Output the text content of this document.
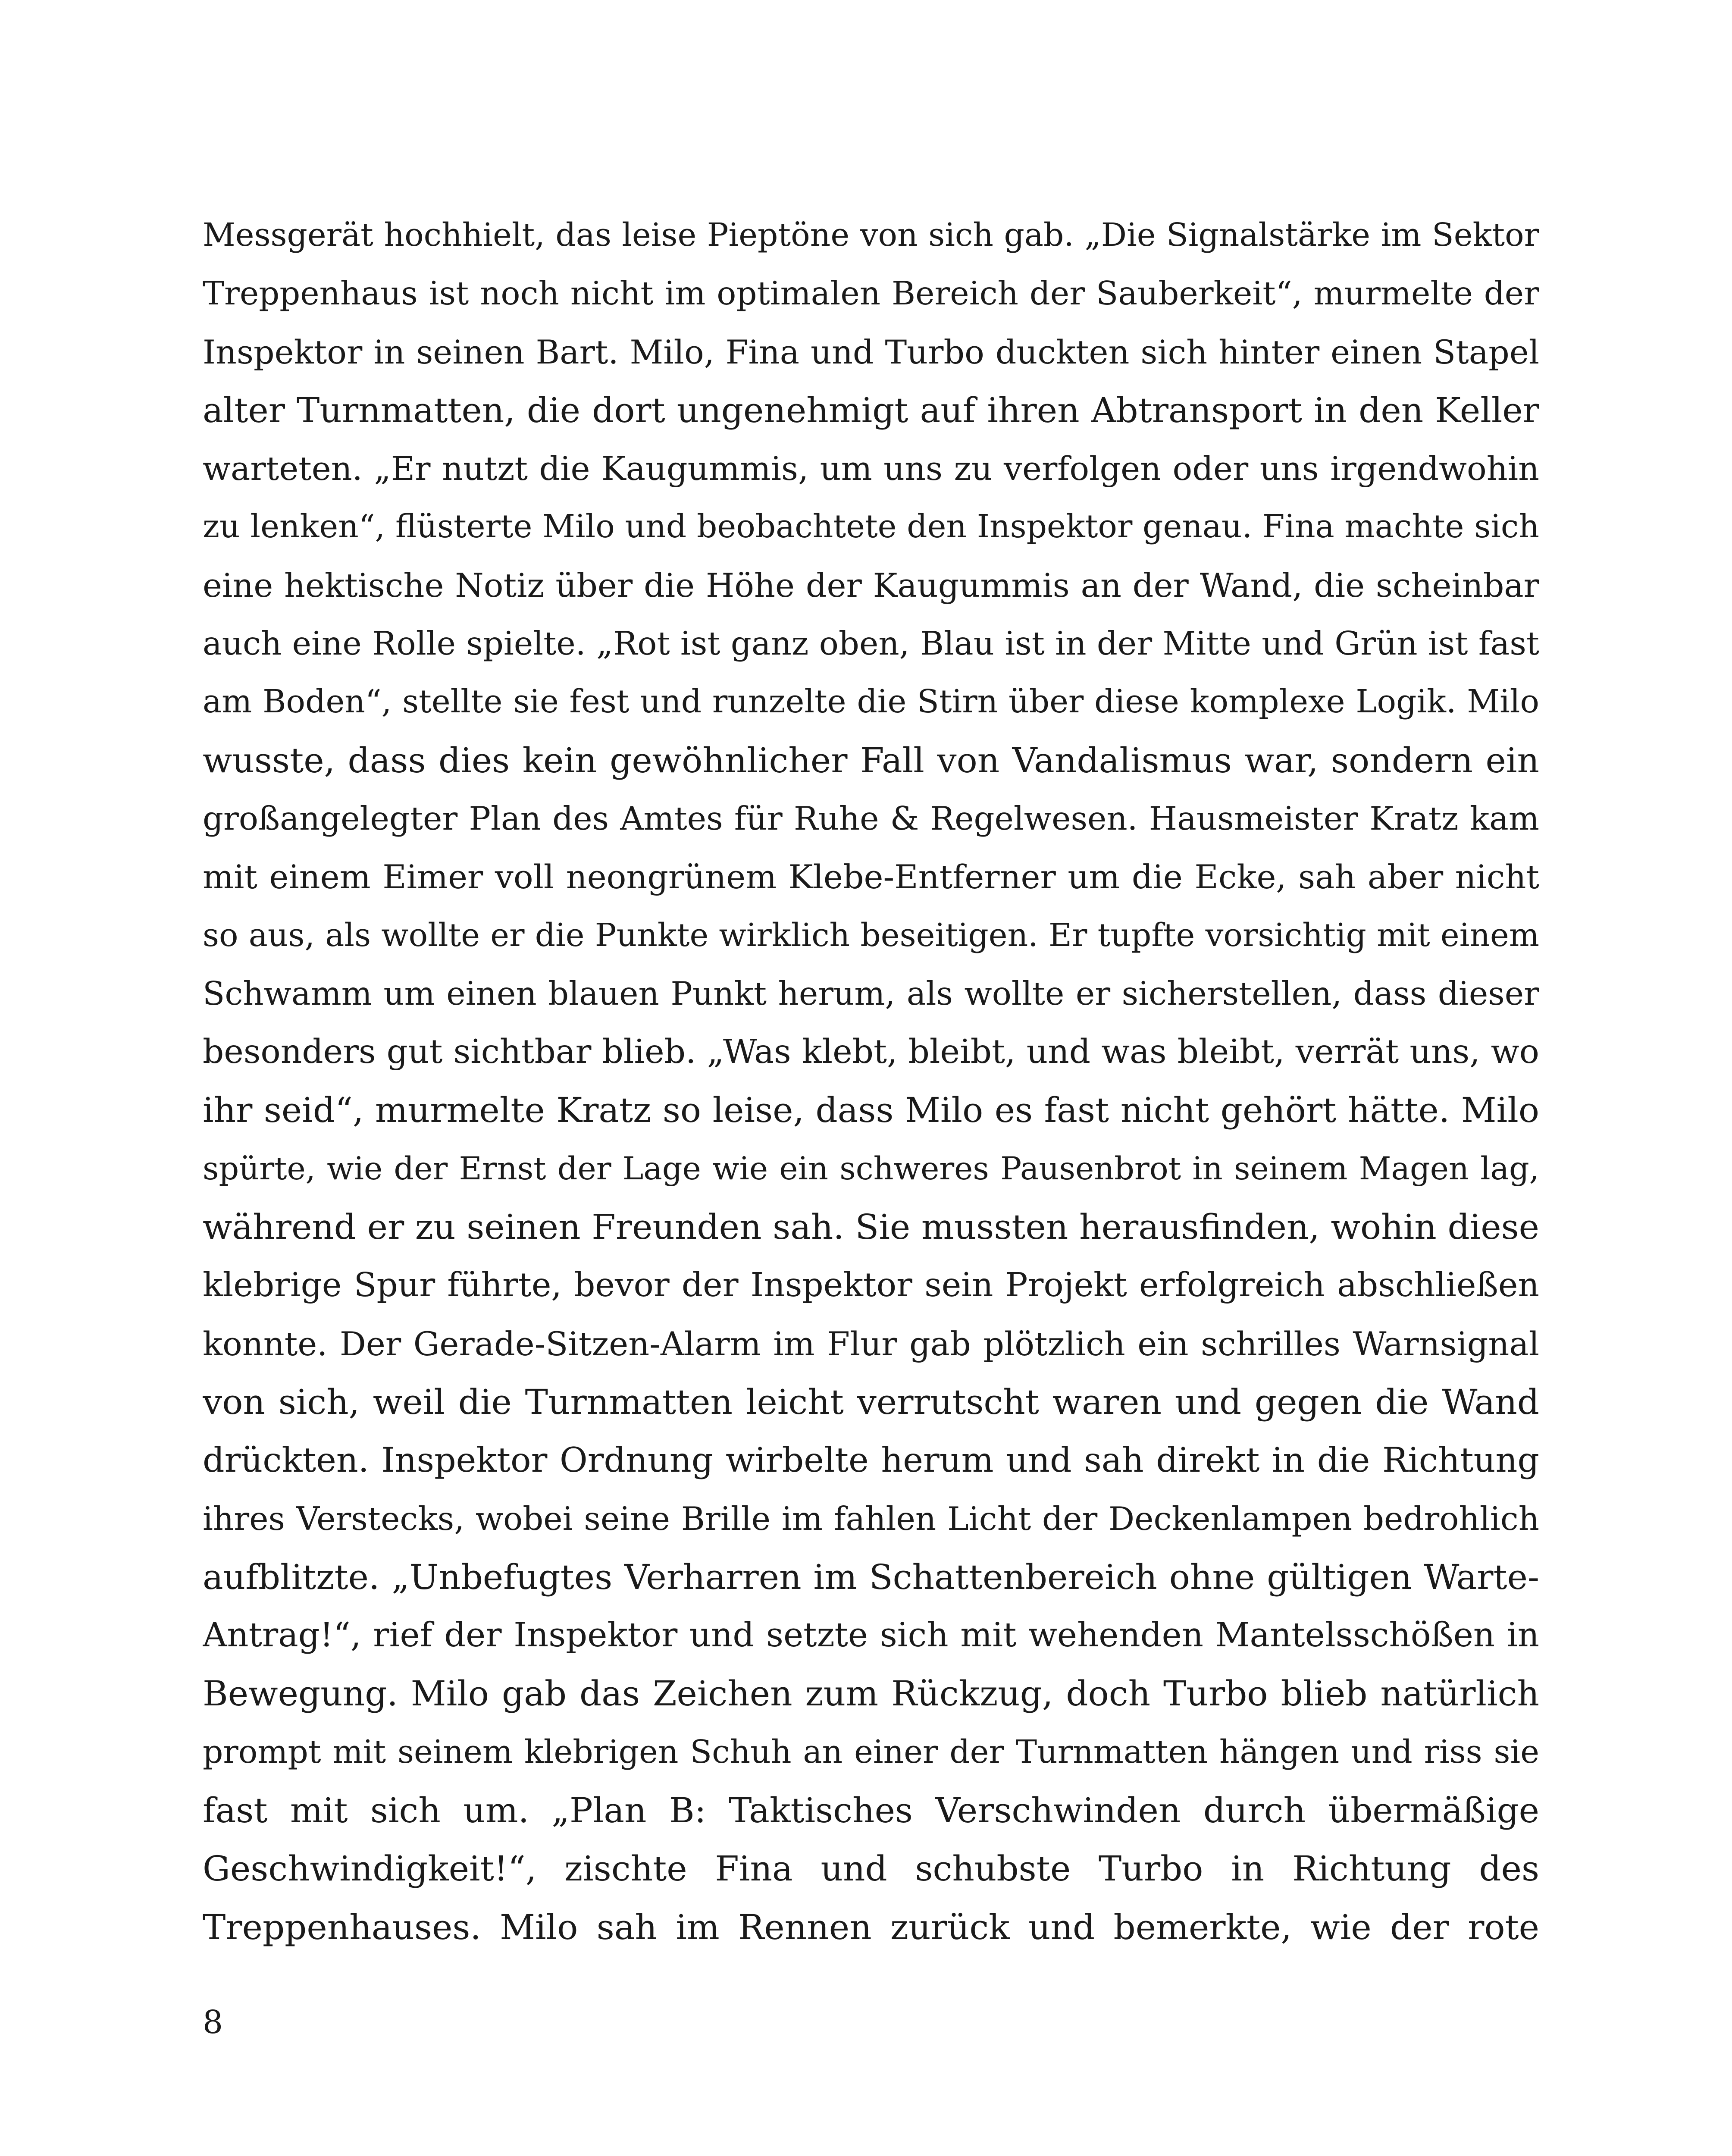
Messgerät hochhielt, das leise Pieptöne von sich gab. „Die Signalstärke im Sektor
Treppenhaus ist noch nicht im optimalen Bereich der Sauberkeit“, murmelte der
Inspektor in seinen Bart. Milo, Fina und Turbo duckten sich hinter einen Stapel
alter Turnmatten, die dort ungenehmigt auf ihren Abtransport in den Keller
warteten. „Er nutzt die Kaugummis, um uns zu verfolgen oder uns irgendwohin
zu lenken“, flüsterte Milo und beobachtete den Inspektor genau. Fina machte sich
eine hektische Notiz über die Höhe der Kaugummis an der Wand, die scheinbar
auch eine Rolle spielte. „Rot ist ganz oben, Blau ist in der Mitte und Grün ist fast
am Boden“, stellte sie fest und runzelte die Stirn über diese komplexe Logik. Milo
wusste, dass dies kein gewöhnlicher Fall von Vandalismus war, sondern ein
großangelegter Plan des Amtes für Ruhe & Regelwesen. Hausmeister Kratz kam
mit einem Eimer voll neongrünem Klebe-Entferner um die Ecke, sah aber nicht
so aus, als wollte er die Punkte wirklich beseitigen. Er tupfte vorsichtig mit einem
Schwamm um einen blauen Punkt herum, als wollte er sicherstellen, dass dieser
besonders gut sichtbar blieb. „Was klebt, bleibt, und was bleibt, verrät uns, wo
ihr seid“, murmelte Kratz so leise, dass Milo es fast nicht gehört hätte. Milo
spürte, wie der Ernst der Lage wie ein schweres Pausenbrot in seinem Magen lag,
während er zu seinen Freunden sah. Sie mussten herausfinden, wohin diese
klebrige Spur führte, bevor der Inspektor sein Projekt erfolgreich abschließen
konnte. Der Gerade-Sitzen-Alarm im Flur gab plötzlich ein schrilles Warnsignal
von sich, weil die Turnmatten leicht verrutscht waren und gegen die Wand
drückten. Inspektor Ordnung wirbelte herum und sah direkt in die Richtung
ihres Verstecks, wobei seine Brille im fahlen Licht der Deckenlampen bedrohlich
aufblitzte. „Unbefugtes Verharren im Schattenbereich ohne gültigen Warte-
Antrag!“, rief der Inspektor und setzte sich mit wehenden Mantelsschößen in
Bewegung. Milo gab das Zeichen zum Rückzug, doch Turbo blieb natürlich
prompt mit seinem klebrigen Schuh an einer der Turnmatten hängen und riss sie
fast mit sich um. „Plan B: Taktisches Verschwinden durch übermäßige
Geschwindigkeit!“, zischte Fina und schubste Turbo in Richtung des
Treppenhauses. Milo sah im Rennen zurück und bemerkte, wie der rote
8
